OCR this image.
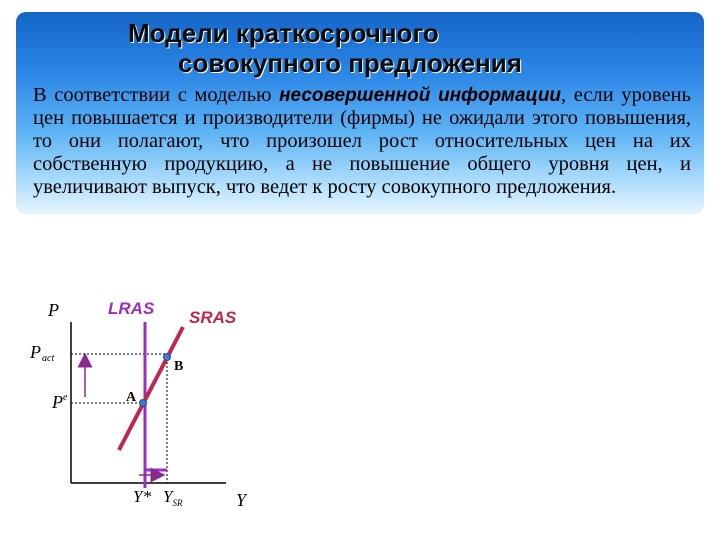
Модели краткосрочного
совокупного предложения

В соответствии с моделью несовершенной информации, если уровень цен повышается и производители (фирмы) не ожидали этого повышения, то они полагают, что произошел рост относительных цен на их собственную продукцию, а не повышение общего уровня цен, и увеличивают выпуск, что ведет к росту совокупного предложения.

P	LRAS SRAS
Pact
$P^e$	A
B
Y* $Y_{SR}$	Y
